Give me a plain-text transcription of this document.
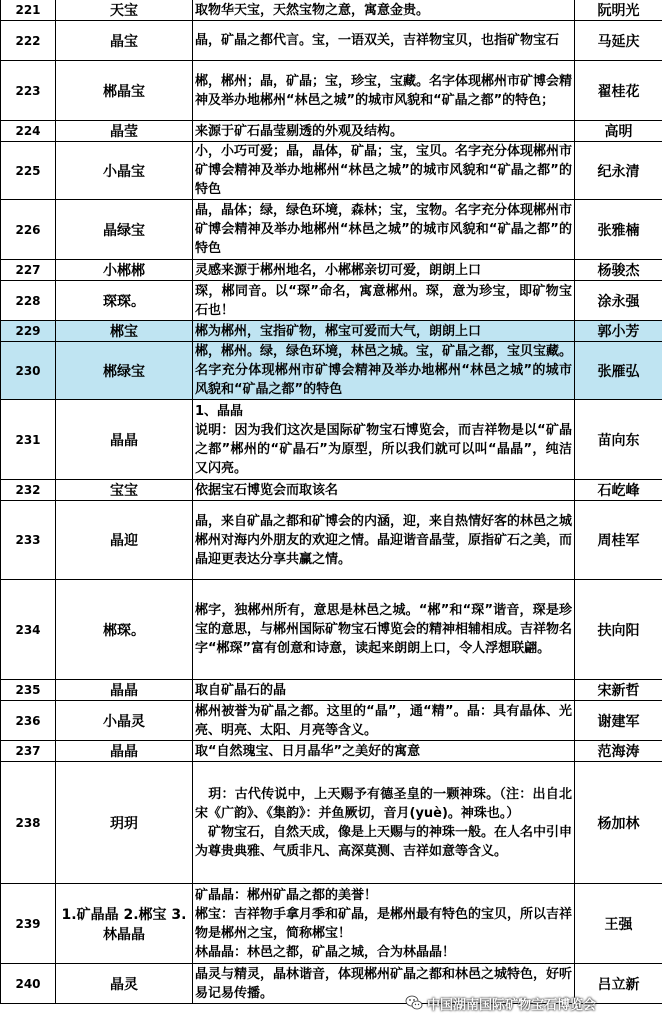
221	天宝	取物华天宝，天然宝物之意，寓意金贵。	阮明光
222	晶宝	晶，矿晶之都代言。宝，一语双关，吉祥物宝贝，也指矿物宝石	马延庆
223	郴晶宝	郴，郴州；晶，矿晶；宝，珍宝，宝藏。名字体现郴州市矿博会精神及举办地郴州“林邑之城”的城市风貌和“矿晶之都”的特色；	翟桂花
224	晶莹	来源于矿石晶莹剔透的外观及结构。	高明
225	小晶宝	小，小巧可爱；晶，晶体，矿晶；宝，宝贝。名字充分体现郴州市矿博会精神及举办地郴州“林邑之城”的城市风貌和“矿晶之都”的特色	纪永清
226	晶绿宝	晶，晶体；绿，绿色环境，森林；宝，宝物。名字充分体现郴州市矿博会精神及举办地郴州“林邑之城”的城市风貌和“矿晶之都”的特色	张雅楠
227	小郴郴	灵感来源于郴州地名，小郴郴亲切可爱，朗朗上口	杨骏杰
228	琛琛。	琛，郴同音。以“琛”命名，寓意郴州。琛，意为珍宝，即矿物宝石也！	涂永强
229	郴宝	郴为郴州，宝指矿物，郴宝可爱而大气，朗朗上口	郭小芳
230	郴绿宝	郴，郴州。绿，绿色环境，林邑之城。宝，矿晶之都，宝贝宝藏。名字充分体现郴州市矿博会精神及举办地郴州“林邑之城”的城市风貌和“矿晶之都”的特色	张雁弘
231	晶晶	1、晶晶
说明：因为我们这次是国际矿物宝石博览会，而吉祥物是以“矿晶之都”郴州的“矿晶石”为原型，所以我们就可以叫“晶晶”，纯洁又闪亮。	苗向东
232	宝宝	依据宝石博览会而取该名	石屹峰
233	晶迎	晶，来自矿晶之都和矿博会的内涵，迎，来自热情好客的林邑之城郴州对海内外朋友的欢迎之情。晶迎谐音晶莹，原指矿石之美，而晶迎更表达分享共赢之情。	周桂军
234	郴琛。	郴字，独郴州所有，意思是林邑之城。“郴”和“琛”谐音，琛是珍宝的意思，与郴州国际矿物宝石博览会的精神相辅相成。吉祥物名字“郴琛”富有创意和诗意，读起来朗朗上口，令人浮想联翩。	扶向阳
235	晶晶	取自矿晶石的晶	宋新哲
236	小晶灵	郴州被誉为矿晶之都。这里的“晶”，通“精”。晶：具有晶体、光亮、明亮、太阳、月亮等含义。	谢建军
237	晶晶	取“自然瑰宝、日月晶华”之美好的寓意	范海涛
238	玥玥	　玥：古代传说中，上天赐予有德圣皇的一颗神珠。（注：出自北宋《广韵》、《集韵》：并鱼厥切，音月(yuè)。神珠也。）
　矿物宝石，自然天成，像是上天赐与的神珠一般。在人名中引申为尊贵典雅、气质非凡、高深莫测、吉祥如意等含义。	杨加林
239	1.矿晶晶 2.郴宝 3.林晶晶	矿晶晶：郴州矿晶之都的美誉！
郴宝：吉祥物手拿月季和矿晶，是郴州最有特色的宝贝，所以吉祥物是郴州之宝，简称郴宝！
林晶晶：林邑之都，矿晶之城，合为林晶晶！	王强
240	晶灵	晶灵与精灵，晶林谐音，体现郴州矿晶之都和林邑之城特色，好听易记易传播。	吕立新
中国湖南国际矿物宝石博览会
